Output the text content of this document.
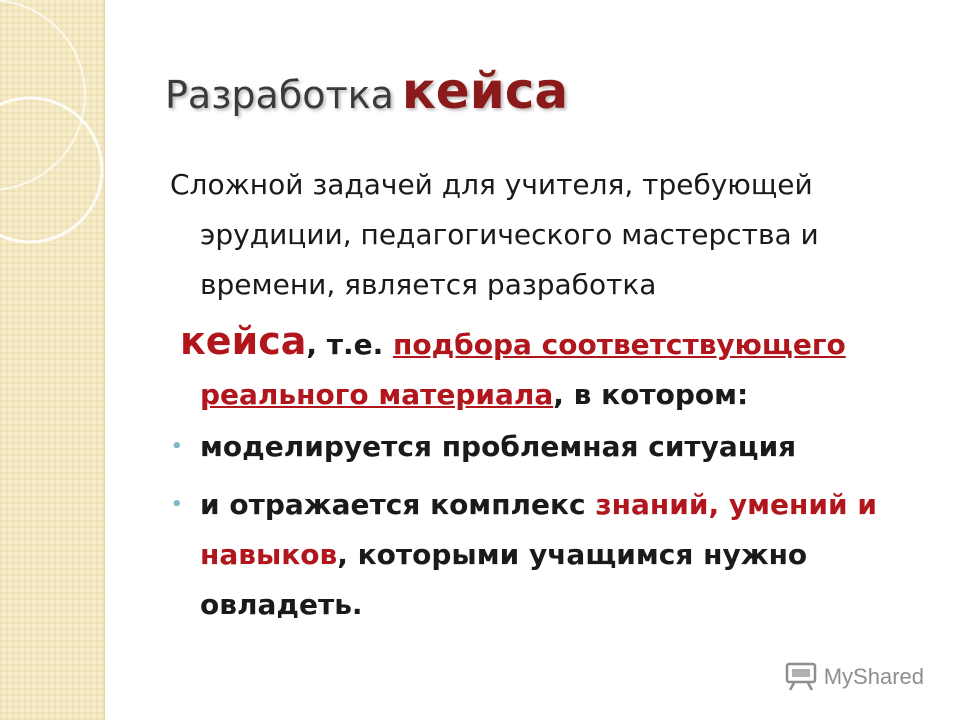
Разработка кейса

Сложной задачей для учителя, требующей эрудиции, педагогического мастерства и времени, является разработка

кейса, т.е. подбора соответствующего реального материала, в котором:

• моделируется проблемная ситуация
• и отражается комплекс знаний, умений и навыков, которыми учащимся нужно овладеть.
MyShared
